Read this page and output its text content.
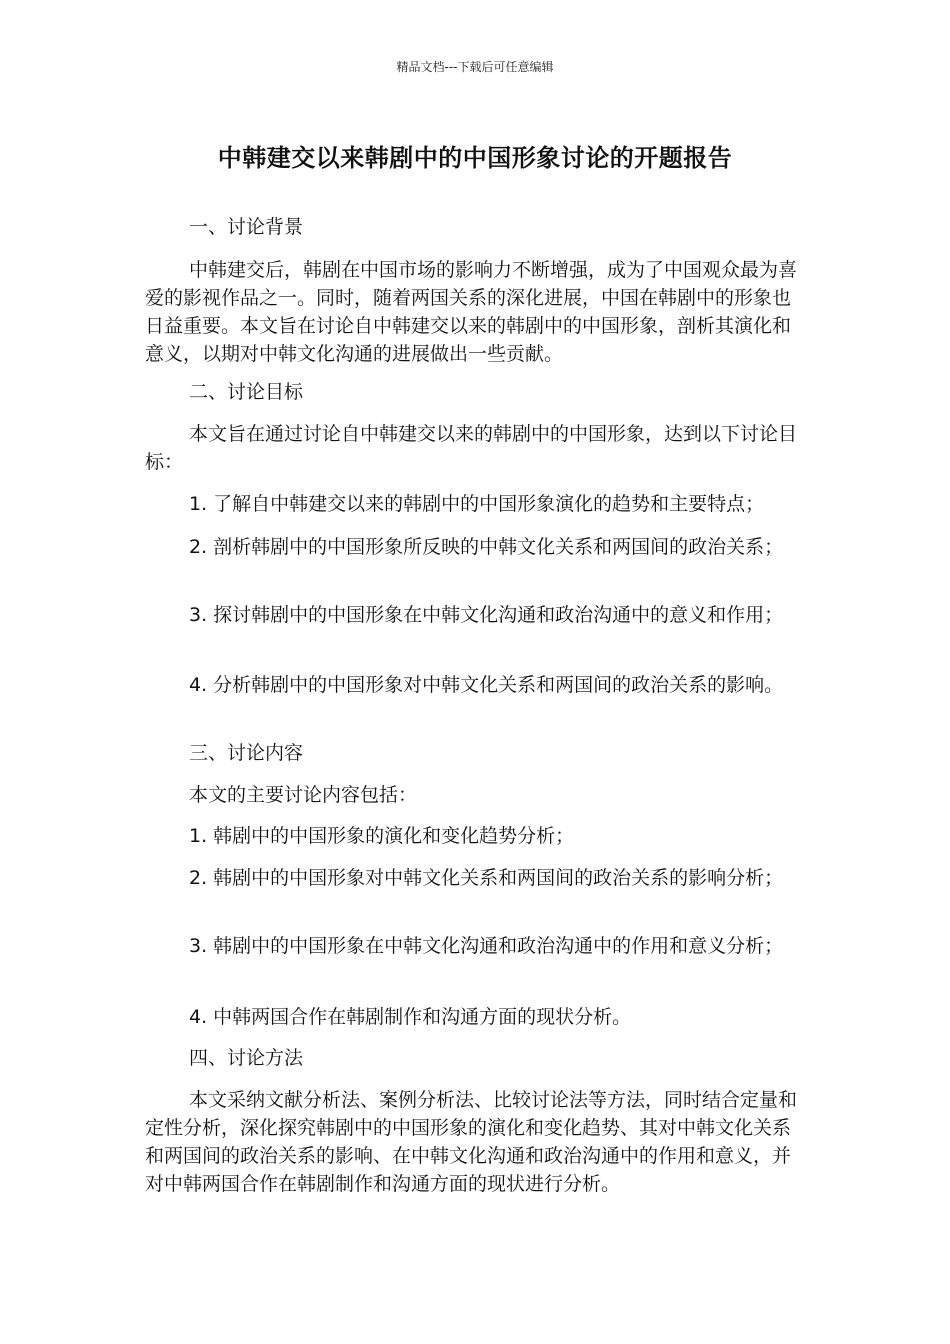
精品文档---下载后可任意编辑
中韩建交以来韩剧中的中国形象讨论的开题报告

一、讨论背景

中韩建交后，韩剧在中国市场的影响力不断增强，成为了中国观众最为喜爱的影视作品之一。同时，随着两国关系的深化进展，中国在韩剧中的形象也日益重要。本文旨在讨论自中韩建交以来的韩剧中的中国形象，剖析其演化和意义，以期对中韩文化沟通的进展做出一些贡献。

二、讨论目标

本文旨在通过讨论自中韩建交以来的韩剧中的中国形象，达到以下讨论目标：

1. 了解自中韩建交以来的韩剧中的中国形象演化的趋势和主要特点；

2. 剖析韩剧中的中国形象所反映的中韩文化关系和两国间的政治关系；

3. 探讨韩剧中的中国形象在中韩文化沟通和政治沟通中的意义和作用；

4. 分析韩剧中的中国形象对中韩文化关系和两国间的政治关系的影响。

三、讨论内容

本文的主要讨论内容包括：

1. 韩剧中的中国形象的演化和变化趋势分析；

2. 韩剧中的中国形象对中韩文化关系和两国间的政治关系的影响分析；

3. 韩剧中的中国形象在中韩文化沟通和政治沟通中的作用和意义分析；

4. 中韩两国合作在韩剧制作和沟通方面的现状分析。

四、讨论方法

本文采纳文献分析法、案例分析法、比较讨论法等方法，同时结合定量和定性分析，深化探究韩剧中的中国形象的演化和变化趋势、其对中韩文化关系和两国间的政治关系的影响、在中韩文化沟通和政治沟通中的作用和意义，并对中韩两国合作在韩剧制作和沟通方面的现状进行分析。
